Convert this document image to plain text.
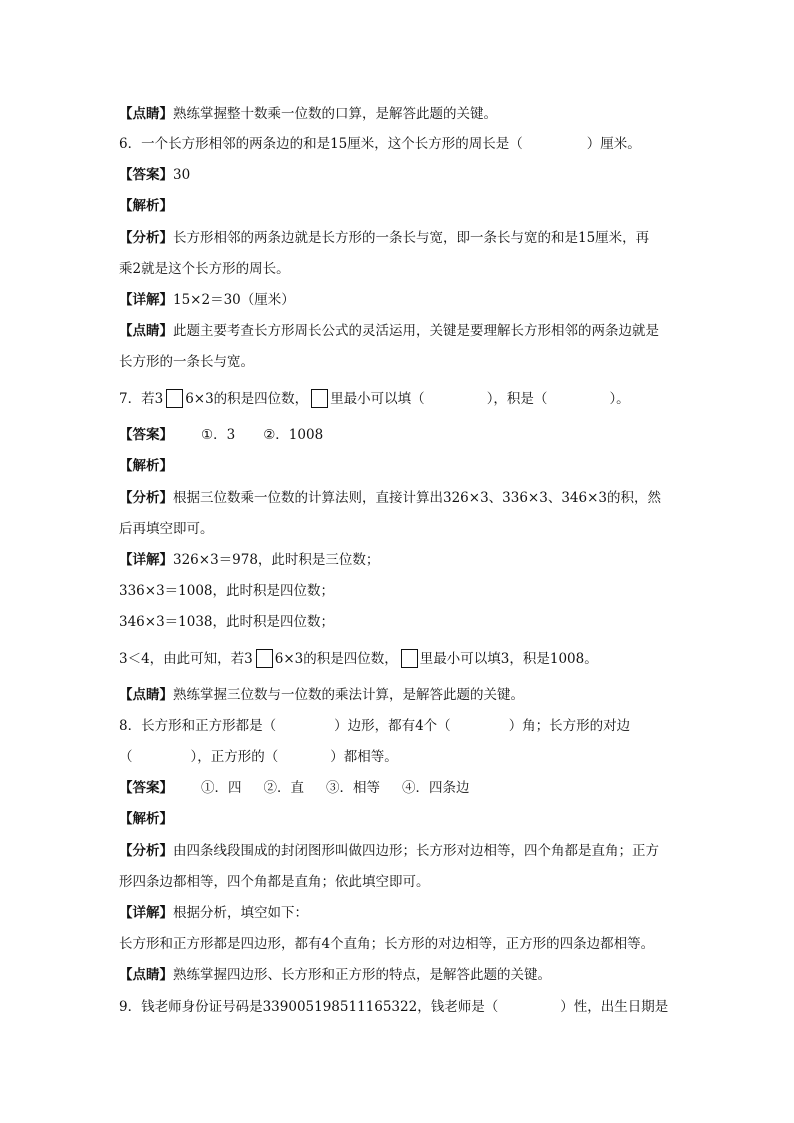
【点睛】熟练掌握整十数乘一位数的口算，是解答此题的关键。
6．一个长方形相邻的两条边的和是15厘米，这个长方形的周长是（	）厘米。
【答案】30
【解析】
【分析】长方形相邻的两条边就是长方形的一条长与宽，即一条长与宽的和是15厘米，再
乘2就是这个长方形的周长。
【详解】15×2＝30（厘米）
【点睛】此题主要考查长方形周长公式的灵活运用，关键是要理解长方形相邻的两条边就是
长方形的一条长与宽。
7．若3 6×3的积是四位数， 里最小可以填（	），积是（	）。
【答案】 ①．3 ②．1008
【解析】
【分析】根据三位数乘一位数的计算法则，直接计算出326×3、336×3、346×3的积，然
后再填空即可。
【详解】326×3＝978，此时积是三位数；
336×3＝1008，此时积是四位数；
346×3＝1038，此时积是四位数；
3＜4，由此可知，若3 6×3的积是四位数， 里最小可以填3，积是1008。
【点睛】熟练掌握三位数与一位数的乘法计算，是解答此题的关键。
8．长方形和正方形都是（	）边形，都有4个（	）角；长方形的对边
（	），正方形的（	）都相等。
【答案】 ①．四 ②．直 ③．相等 ④．四条边
【解析】
【分析】由四条线段围成的封闭图形叫做四边形；长方形对边相等，四个角都是直角；正方
形四条边都相等，四个角都是直角；依此填空即可。
【详解】根据分析，填空如下：
长方形和正方形都是四边形，都有4个直角；长方形的对边相等，正方形的四条边都相等。
【点睛】熟练掌握四边形、长方形和正方形的特点，是解答此题的关键。
9．钱老师身份证号码是339005198511165322，钱老师是（	）性，出生日期是
